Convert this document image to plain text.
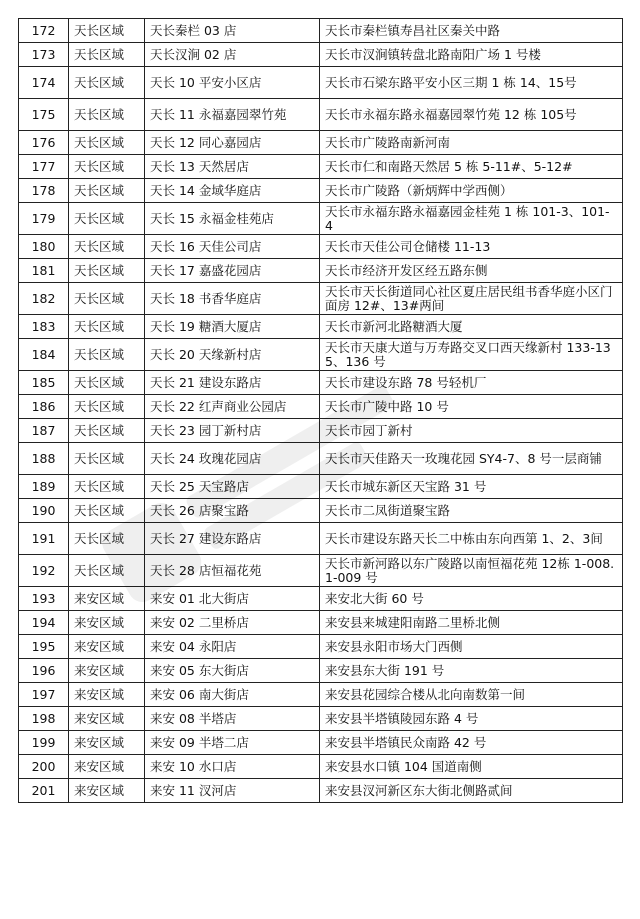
172	天长区域	天长秦栏 03 店	天长市秦栏镇寿昌社区秦关中路
173	天长区域	天长汊涧 02 店	天长市汊涧镇转盘北路南阳广场 1 号楼
174	天长区域	天长 10 平安小区店	天长市石梁东路平安小区三期 1 栋 14、15号
175	天长区域	天长 11 永福嘉园翠竹苑	天长市永福东路永福嘉园翠竹苑 12 栋 105号
176	天长区域	天长 12 同心嘉园店	天长市广陵路南新河南
177	天长区域	天长 13 天然居店	天长市仁和南路天然居 5 栋 5-11#、5-12#
178	天长区域	天长 14 金域华庭店	天长市广陵路（新炳辉中学西侧）
179	天长区域	天长 15 永福金桂苑店	天长市永福东路永福嘉园金桂苑 1 栋 101-3、101-4
180	天长区域	天长 16 天佳公司店	天长市天佳公司仓储楼 11-13
181	天长区域	天长 17 嘉盛花园店	天长市经济开发区经五路东侧
182	天长区域	天长 18 书香华庭店	天长市天长街道同心社区夏庄居民组书香华庭小区门面房 12#、13#两间
183	天长区域	天长 19 糖酒大厦店	天长市新河北路糖酒大厦
184	天长区域	天长 20 天缘新村店	天长市天康大道与万寿路交叉口西天缘新村 133-135、136 号
185	天长区域	天长 21 建设东路店	天长市建设东路 78 号轻机厂
186	天长区域	天长 22 红声商业公园店	天长市广陵中路 10 号
187	天长区域	天长 23 园丁新村店	天长市园丁新村
188	天长区域	天长 24 玫瑰花园店	天长市天佳路天一玫瑰花园 SY4-7、8 号一层商铺
189	天长区域	天长 25 天宝路店	天长市城东新区天宝路 31 号
190	天长区域	天长 26 店聚宝路	天长市二凤街道聚宝路
191	天长区域	天长 27 建设东路店	天长市建设东路天长二中栋由东向西第 1、2、3间
192	天长区域	天长 28 店恒福花苑	天长市新河路以东广陵路以南恒福花苑 12栋 1-008.1-009 号
193	来安区域	来安 01 北大街店	来安北大街 60 号
194	来安区域	来安 02 二里桥店	来安县来城建阳南路二里桥北侧
195	来安区域	来安 04 永阳店	来安县永阳市场大门西侧
196	来安区域	来安 05 东大街店	来安县东大街 191 号
197	来安区域	来安 06 南大街店	来安县花园综合楼从北向南数第一间
198	来安区域	来安 08 半塔店	来安县半塔镇陵园东路 4 号
199	来安区域	来安 09 半塔二店	来安县半塔镇民众南路 42 号
200	来安区域	来安 10 水口店	来安县水口镇 104 国道南侧
201	来安区域	来安 11 汊河店	来安县汊河新区东大街北侧路贰间
